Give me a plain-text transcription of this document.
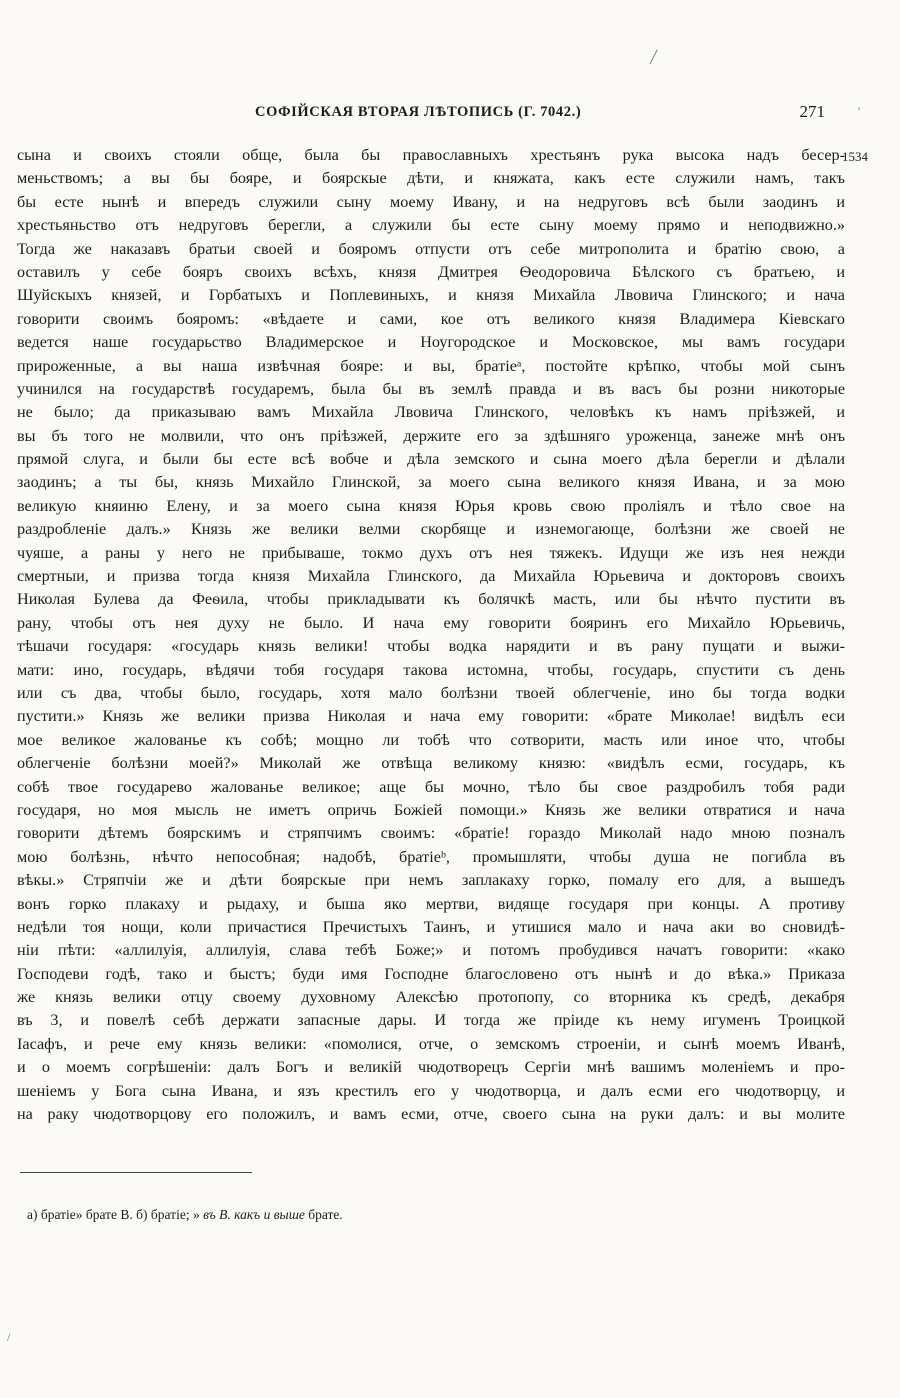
СОФІЙСКАЯ ВТОРАЯ ЛѢТОПИСЬ (Г. 7042.)	271
1534
сына и своихъ стояли обще, была бы православныхъ хрестьянъ рука высока надъ бесер-
меньствомъ; а вы бы бояре, и боярскые дѣти, и княжата, какъ есте служили намъ, такъ
бы есте нынѣ и впередъ служили сыну моему Ивану, и на недруговъ всѣ были заодинъ и
хрестьяньство отъ недруговъ берегли, а служили бы есте сыну моему прямо и неподвижно.»
Тогда же наказавъ братьи своей и бояромъ отпусти отъ себе митрополита и братію свою, а
оставилъ у себе бояръ своихъ всѣхъ, князя Дмитрея Ѳеодоровича Бѣлского съ братьею, и
Шуйскыхъ князей, и Горбатыхъ и Поплевиныхъ, и князя Михайла Лвовича Глинского; и нача
говорити своимъ бояромъ: «вѣдаете и сами, кое отъ великого князя Владимера Кіевскаго
ведется наше государьство Владимерское и Ноугородское и Московское, мы вамъ государи
прироженные, а вы наша извѣчная бояре: и вы, братіеᵃ, постойте крѣпко, чтобы мой сынъ
учинился на государствѣ государемъ, была бы въ землѣ правда и въ васъ бы розни никоторые
не было; да приказываю вамъ Михайла Лвовича Глинского, человѣкъ къ намъ пріѣзжей, и
вы бъ того не молвили, что онъ пріѣзжей, держите его за здѣшняго уроженца, занеже мнѣ онъ
прямой слуга, и были бы есте всѣ вобче и дѣла земского и сына моего дѣла берегли и дѣлали
заодинъ; а ты бы, князь Михайло Глинской, за моего сына великого князя Ивана, и за мою
великую княиню Елену, и за моего сына князя Юрья кровь свою проліялъ и тѣло свое на
раздробленіе далъ.» Князь же велики велми скорбяще и изнемогающе, болѣзни же своей не
чуяше, а раны у него не прибываше, токмо духъ отъ нея тяжекъ. Идущи же изъ нея нежди
смертныи, и призва тогда князя Михайла Глинского, да Михайла Юрьевича и докторовъ своихъ
Николая Булева да Феѳила, чтобы прикладывати къ болячкѣ масть, или бы нѣчто пустити въ
рану, чтобы отъ нея духу не было. И нача ему говорити бояринъ его Михайло Юрьевичь,
тѣшачи государя: «государь князь велики! чтобы водка нарядити и въ рану пущати и выжи-
мати: ино, государь, вѣдячи тобя государя такова истомна, чтобы, государь, спустити съ день
или съ два, чтобы было, государь, хотя мало болѣзни твоей облегченіе, ино бы тогда водки
пустити.» Князь же велики призва Николая и нача ему говорити: «брате Миколае! видѣлъ еси
мое великое жалованье къ собѣ; мощно ли тобѣ что сотворити, масть или иное что, чтобы
облегченіе болѣзни моей?» Миколай же отвѣща великому князю: «видѣлъ есми, государь, къ
собѣ твое государево жалованье великое; аще бы мочно, тѣло бы свое раздробилъ тобя ради
государя, но моя мысль не иметъ опричь Божіей помощи.» Князь же велики отвратися и нача
говорити дѣтемъ боярскимъ и стряпчимъ своимъ: «братіе! гораздо Миколай надо мною позналъ
мою болѣзнь, нѣчто непособная; надобѣ, братіеᵇ, промышляти, чтобы душа не погибла въ
вѣкы.» Стряпчіи же и дѣти боярскые при немъ заплакаху горко, помалу его для, а вышедъ
вонъ горко плакаху и рыдаху, и быша яко мертви, видяще государя при концы. А противу
недѣли тоя нощи, коли причастися Пречистыхъ Таинъ, и утишися мало и нача аки во сновидѣ-
ніи пѣти: «аллилуія, аллилуія, слава тебѣ Боже;» и потомъ пробудився начатъ говорити: «како
Господеви годѣ, тако и быстъ; буди имя Господне благословено отъ нынѣ и до вѣка.» Приказа
же князь велики отцу своему духовному Алексѣю протопопу, со вторника къ средѣ, декабря
въ 3, и повелѣ себѣ держати запасные дары. И тогда же пріиде къ нему игуменъ Троицкой
Іасафъ, и рече ему князь велики: «помолися, отче, о земскомъ строеніи, и сынѣ моемъ Иванѣ,
и о моемъ согрѣшеніи: далъ Богъ и великій чюдотворецъ Сергіи мнѣ вашимъ моленіемъ и про-
шеніемъ у Бога сына Ивана, и язъ крестилъ его у чюдотворца, и далъ есми его чюдотворцу, и
на раку чюдотворцову его положилъ, и вамъ есми, отче, своего сына на руки далъ: и вы молите
а) братіе» брате В. б) братіе; » въ В. какъ и выше брате.
╱
'
/
